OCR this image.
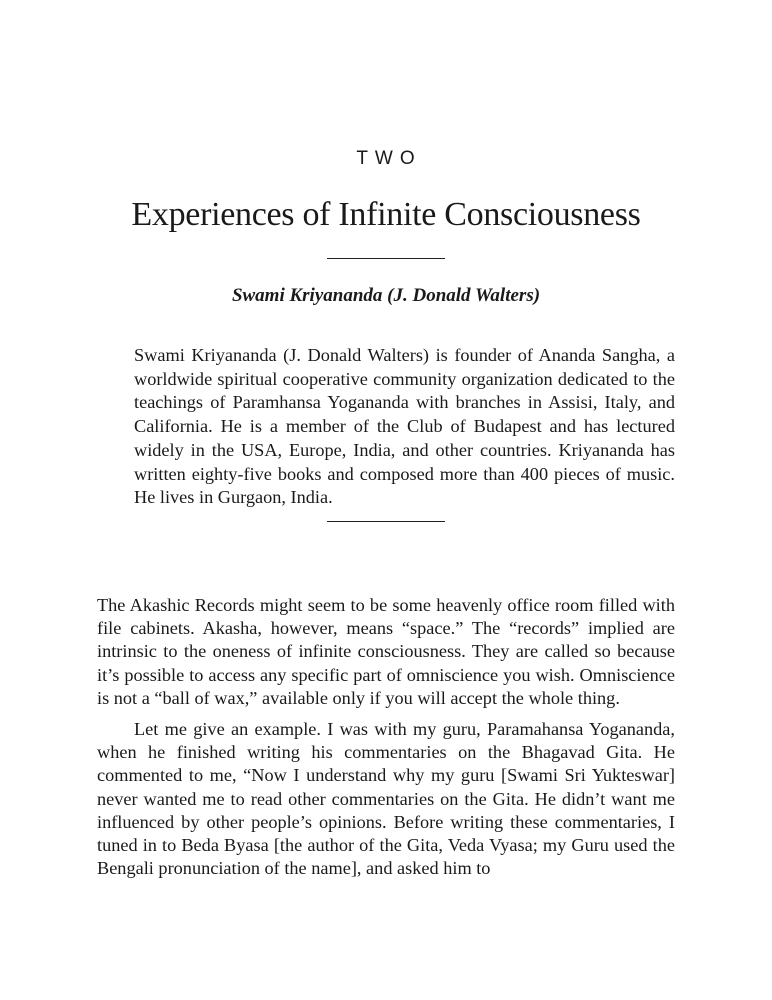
TWO
Experiences of Infinite Consciousness
Swami Kriyananda (J. Donald Walters)

Swami Kriyananda (J. Donald Walters) is founder of Ananda Sangha, a worldwide spiritual cooperative community organization dedicated to the teachings of Paramhansa Yogananda with branches in Assisi, Italy, and California. He is a member of the Club of Budapest and has lectured widely in the USA, Europe, India, and other countries. Kriyananda has written eighty-five books and composed more than 400 pieces of music. He lives in Gurgaon, India.

The Akashic Records might seem to be some heavenly office room filled with file cabinets. Akasha, however, means “space.” The “records” implied are intrinsic to the oneness of infinite consciousness. They are called so because it’s possible to access any specific part of omniscience you wish. Omniscience is not a “ball of wax,” available only if you will accept the whole thing.

Let me give an example. I was with my guru, Paramahansa Yogananda, when he finished writing his commentaries on the Bhagavad Gita. He commented to me, “Now I understand why my guru [Swami Sri Yukteswar] never wanted me to read other commentaries on the Gita. He didn’t want me influenced by other people’s opinions. Before writing these commentaries, I tuned in to Beda Byasa [the author of the Gita, Veda Vyasa; my Guru used the Bengali pronunciation of the name], and asked him to
